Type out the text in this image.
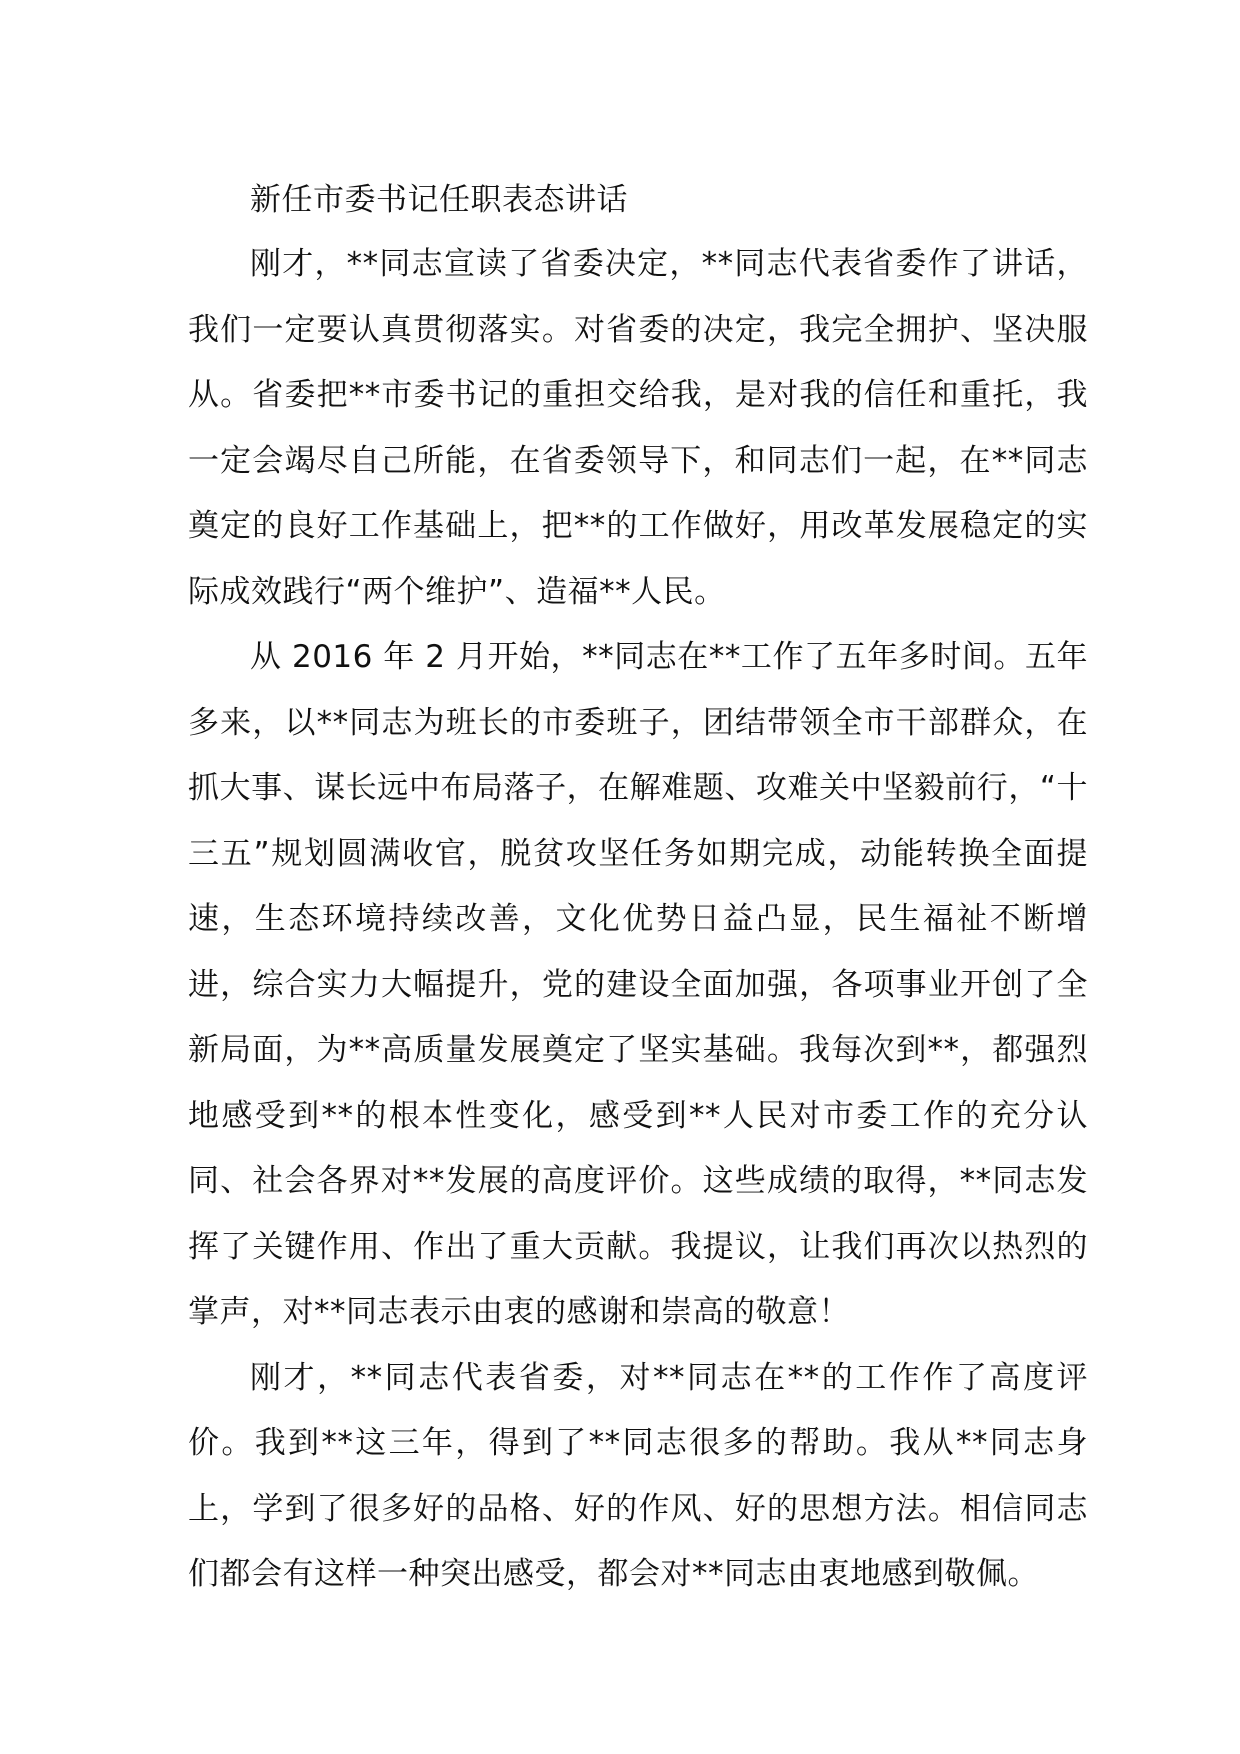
新任市委书记任职表态讲话

刚才，**同志宣读了省委决定，**同志代表省委作了讲话，我们一定要认真贯彻落实。对省委的决定，我完全拥护、坚决服从。省委把**市委书记的重担交给我，是对我的信任和重托，我一定会竭尽自己所能，在省委领导下，和同志们一起，在**同志奠定的良好工作基础上，把**的工作做好，用改革发展稳定的实际成效践行“两个维护”、造福**人民。

从 2016 年 2 月开始，**同志在**工作了五年多时间。五年多来，以**同志为班长的市委班子，团结带领全市干部群众，在抓大事、谋长远中布局落子，在解难题、攻难关中坚毅前行，“十三五”规划圆满收官，脱贫攻坚任务如期完成，动能转换全面提速，生态环境持续改善，文化优势日益凸显，民生福祉不断增进，综合实力大幅提升，党的建设全面加强，各项事业开创了全新局面，为**高质量发展奠定了坚实基础。我每次到**，都强烈地感受到**的根本性变化，感受到**人民对市委工作的充分认同、社会各界对**发展的高度评价。这些成绩的取得，**同志发挥了关键作用、作出了重大贡献。我提议，让我们再次以热烈的掌声，对**同志表示由衷的感谢和崇高的敬意！

刚才，**同志代表省委，对**同志在**的工作作了高度评价。我到**这三年，得到了**同志很多的帮助。我从**同志身上，学到了很多好的品格、好的作风、好的思想方法。相信同志们都会有这样一种突出感受，都会对**同志由衷地感到敬佩。
